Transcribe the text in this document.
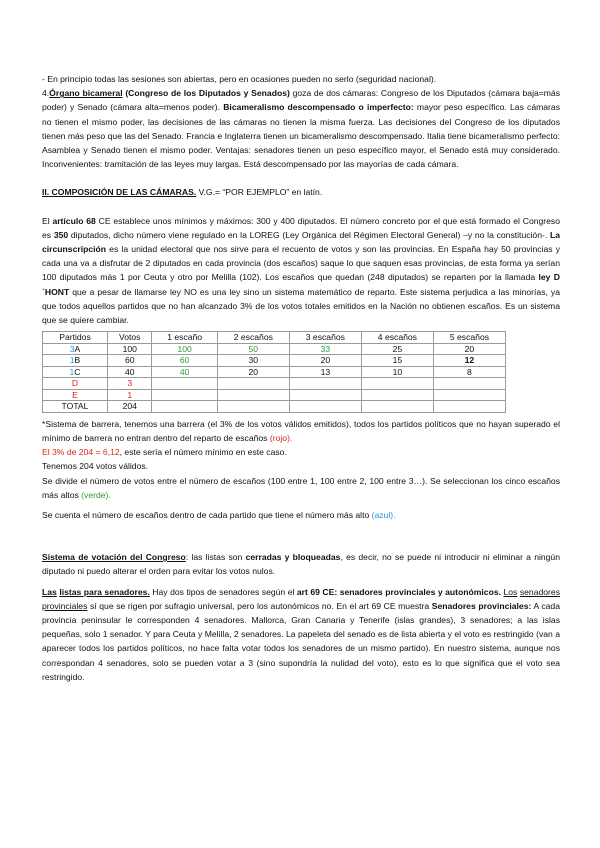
- En principio todas las sesiones son abiertas, pero en ocasiones pueden no serlo (seguridad nacional).

4.Órgano bicameral (Congreso de los Diputados y Senados) goza de dos cámaras: Congreso de los Diputados (cámara baja=más poder) y Senado (cámara alta=menos poder). Bicameralismo descompensado o imperfecto: mayor peso específico. Las cámaras no tienen el mismo poder, las decisiones de las cámaras no tienen la misma fuerza. Las decisiones del Congreso de los diputados tienen más peso que las del Senado. Francia e Inglaterra tienen un bicameralismo descompensado. Italia tiene bicameralismo perfecto: Asamblea y Senado tienen el mismo poder. Ventajas: senadores tienen un peso específico mayor, el Senado está muy considerado. Inconvenientes: tramitación de las leyes muy largas. Está descompensado por las mayorías de cada cámara.

II. COMPOSICIÓN DE LAS CÁMARAS. V.G.= “POR EJEMPLO” en latín.

El artículo 68 CE establece unos mínimos y máximos: 300 y 400 diputados. El número concreto por el que está formado el Congreso es 350 diputados, dicho número viene regulado en la LOREG (Ley Orgánica del Régimen Electoral General) –y no la constitución-. La circunscripción es la unidad electoral que nos sirve para el recuento de votos y son las provincias. En España hay 50 provincias y cada una va a disfrutar de 2 diputados en cada provincia (dos escaños) saque lo que saquen esas provincias, de esta forma ya serían 100 diputados más 1 por Ceuta y otro por Melilla (102). Los escaños que quedan (248 diputados) se reparten por la llamada ley D´HONT que a pesar de llamarse ley NO es una ley sino un sistema matemático de reparto. Este sistema perjudica a las minorías, ya que todos aquellos partidos que no han alcanzado 3% de los votos totales emitidos en la Nación no obtienen escaños. Es un sistema que se quiere cambiar.

Partidos	Votos	1 escaño	2 escaños	3 escaños	4 escaños	5 escaños
3A	100	100	50	33	25	20
1B	60	60	30	20	15	12
1C	40	40	20	13	10	8
D	3					
E	1					
TOTAL	204					

*Sistema de barrera, tenemos una barrera (el 3% de los votos válidos emitidos), todos los partidos políticos que no hayan superado el mínimo de barrera no entran dentro del reparto de escaños (rojo).

El 3% de 204 = 6,12, este sería el número mínimo en este caso.

Tenemos 204 votos válidos.

Se divide el número de votos entre el número de escaños (100 entre 1, 100 entre 2, 100 entre 3…). Se seleccionan los cinco escaños más altos (verde).

Se cuenta el número de escaños dentro de cada partido que tiene el número más alto (azul).

Sistema de votación del Congreso: las listas son cerradas y bloqueadas, es decir, no se puede ni introducir ni eliminar a ningún diputado ni puedo alterar el orden para evitar los votos nulos.

Las listas para senadores. Hay dos tipos de senadores según el art 69 CE: senadores provinciales y autonómicos. Los senadores provinciales sí que se rigen por sufragio universal, pero los autonómicos no. En el art 69 CE muestra Senadores provinciales: A cada provincia peninsular le corresponden 4 senadores. Mallorca, Gran Canaria y Tenerife (islas grandes), 3 senadores; a las islas pequeñas, solo 1 senador. Y para Ceuta y Melilla, 2 senadores. La papeleta del senado es de lista abierta y el voto es restringido (van a aparecer todos los partidos políticos, no hace falta votar todos los senadores de un mismo partido). En nuestro sistema, aunque nos correspondan 4 senadores, solo se pueden votar a 3 (sino supondría la nulidad del voto), esto es lo que significa que el voto sea restringido.
